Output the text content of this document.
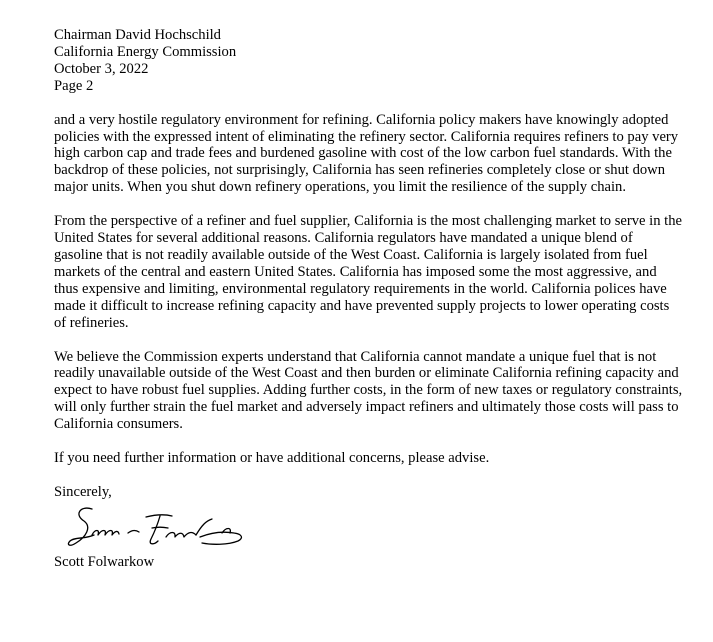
Chairman David Hochschild
California Energy Commission
October 3, 2022
Page 2

and a very hostile regulatory environment for refining. California policy makers have knowingly adopted policies with the expressed intent of eliminating the refinery sector. California requires refiners to pay very high carbon cap and trade fees and burdened gasoline with cost of the low carbon fuel standards. With the backdrop of these policies, not surprisingly, California has seen refineries completely close or shut down major units. When you shut down refinery operations, you limit the resilience of the supply chain.

From the perspective of a refiner and fuel supplier, California is the most challenging market to serve in the United States for several additional reasons. California regulators have mandated a unique blend of gasoline that is not readily available outside of the West Coast. California is largely isolated from fuel markets of the central and eastern United States. California has imposed some the most aggressive, and thus expensive and limiting, environmental regulatory requirements in the world. California polices have made it difficult to increase refining capacity and have prevented supply projects to lower operating costs of refineries.

We believe the Commission experts understand that California cannot mandate a unique fuel that is not readily unavailable outside of the West Coast and then burden or eliminate California refining capacity and expect to have robust fuel supplies. Adding further costs, in the form of new taxes or regulatory constraints, will only further strain the fuel market and adversely impact refiners and ultimately those costs will pass to California consumers.

If you need further information or have additional concerns, please advise.

Sincerely,
Scott Folwarkow
